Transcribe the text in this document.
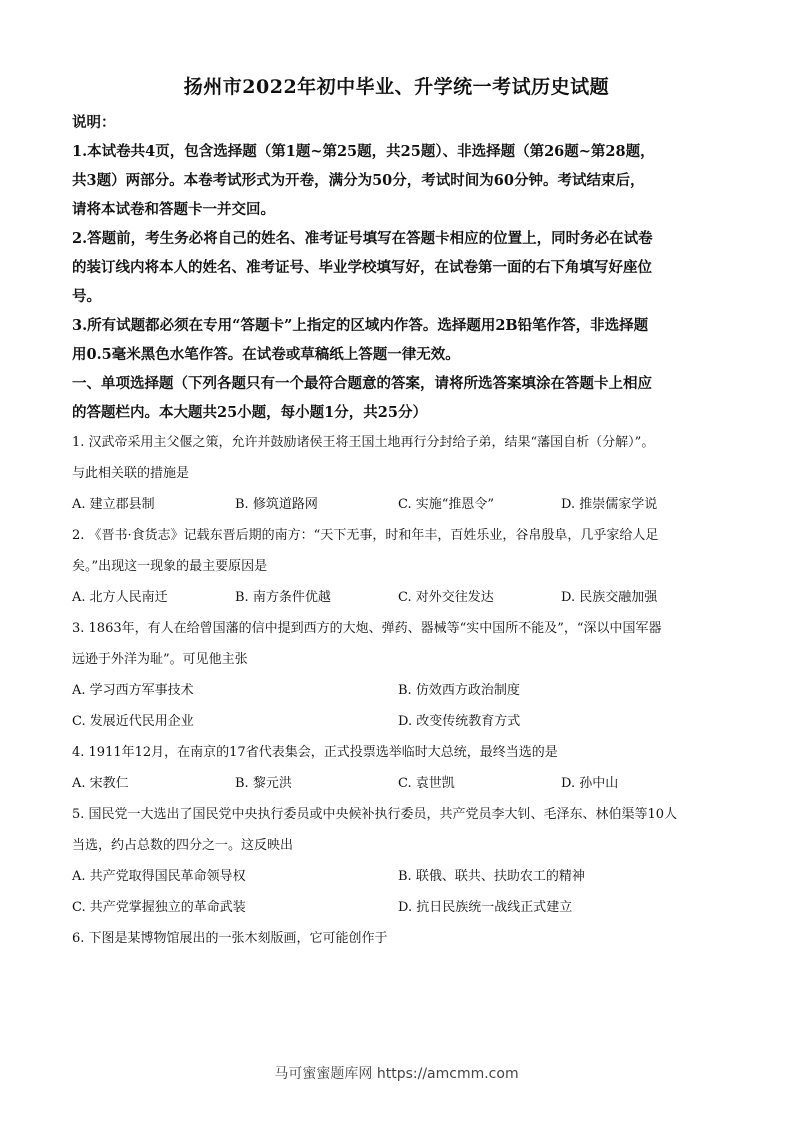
扬州市2022年初中毕业、升学统一考试历史试题

说明：

1.本试卷共4页，包含选择题（第1题~第25题，共25题）、非选择题（第26题~第28题，

共3题）两部分。本卷考试形式为开卷，满分为50分，考试时间为60分钟。考试结束后，

请将本试卷和答题卡一并交回。

2.答题前，考生务必将自己的姓名、准考证号填写在答题卡相应的位置上，同时务必在试卷

的装订线内将本人的姓名、准考证号、毕业学校填写好，在试卷第一面的右下角填写好座位

号。

3.所有试题都必须在专用“答题卡”上指定的区域内作答。选择题用2B铅笔作答，非选择题

用0.5毫米黑色水笔作答。在试卷或草稿纸上答题一律无效。

一、单项选择题（下列各题只有一个最符合题意的答案，请将所选答案填涂在答题卡上相应

的答题栏内。本大题共25小题，每小题1分，共25分）

1. 汉武帝采用主父偃之策，允许并鼓励诸侯王将王国土地再行分封给子弟，结果“藩国自析（分解）”。

与此相关联的措施是

A. 建立郡县制	B. 修筑道路网	C. 实施“推恩令”	D. 推崇儒家学说

2. 《晋书·食货志》记载东晋后期的南方：“天下无事，时和年丰，百姓乐业，谷帛殷阜，几乎家给人足

矣。”出现这一现象的最主要原因是

A. 北方人民南迁	B. 南方条件优越	C. 对外交往发达	D. 民族交融加强

3. 1863年，有人在给曾国藩的信中提到西方的大炮、弹药、器械等“实中国所不能及”，“深以中国军器

远逊于外洋为耻”。可见他主张

A. 学习西方军事技术	B. 仿效西方政治制度
C. 发展近代民用企业	D. 改变传统教育方式

4. 1911年12月，在南京的17省代表集会，正式投票选举临时大总统，最终当选的是

A. 宋教仁	B. 黎元洪	C. 袁世凯	D. 孙中山

5. 国民党一大选出了国民党中央执行委员或中央候补执行委员，共产党员李大钊、毛泽东、林伯渠等10人

当选，约占总数的四分之一。这反映出

A. 共产党取得国民革命领导权	B. 联俄、联共、扶助农工的精神
C. 共产党掌握独立的革命武装	D. 抗日民族统一战线正式建立

6. 下图是某博物馆展出的一张木刻版画，它可能创作于

马可蜜蜜题库网 https://amcmm.com
